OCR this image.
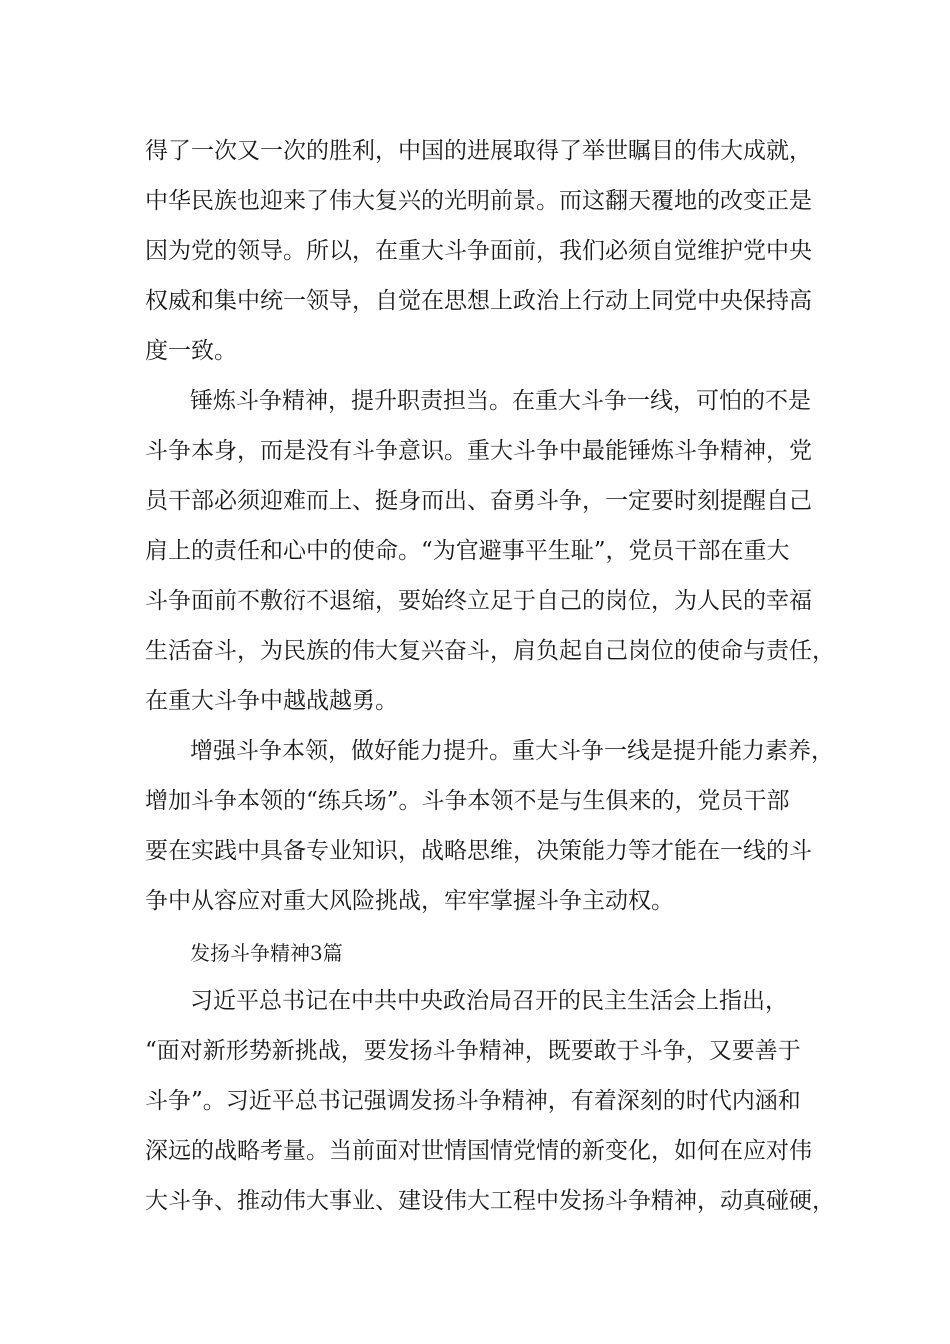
得了一次又一次的胜利，中国的进展取得了举世瞩目的伟大成就，
中华民族也迎来了伟大复兴的光明前景。而这翻天覆地的改变正是
因为党的领导。所以，在重大斗争面前，我们必须自觉维护党中央
权威和集中统一领导，自觉在思想上政治上行动上同党中央保持高
度一致。
锤炼斗争精神，提升职责担当。在重大斗争一线，可怕的不是
斗争本身，而是没有斗争意识。重大斗争中最能锤炼斗争精神，党
员干部必须迎难而上、挺身而出、奋勇斗争，一定要时刻提醒自己
肩上的责任和心中的使命。“为官避事平生耻”，党员干部在重大
斗争面前不敷衍不退缩，要始终立足于自己的岗位，为人民的幸福
生活奋斗，为民族的伟大复兴奋斗，肩负起自己岗位的使命与责任，
在重大斗争中越战越勇。
增强斗争本领，做好能力提升。重大斗争一线是提升能力素养，
增加斗争本领的“练兵场”。斗争本领不是与生俱来的，党员干部
要在实践中具备专业知识，战略思维，决策能力等才能在一线的斗
争中从容应对重大风险挑战，牢牢掌握斗争主动权。
发扬斗争精神3篇
习近平总书记在中共中央政治局召开的民主生活会上指出，
“面对新形势新挑战，要发扬斗争精神，既要敢于斗争，又要善于
斗争”。习近平总书记强调发扬斗争精神，有着深刻的时代内涵和
深远的战略考量。当前面对世情国情党情的新变化，如何在应对伟
大斗争、推动伟大事业、建设伟大工程中发扬斗争精神，动真碰硬，
